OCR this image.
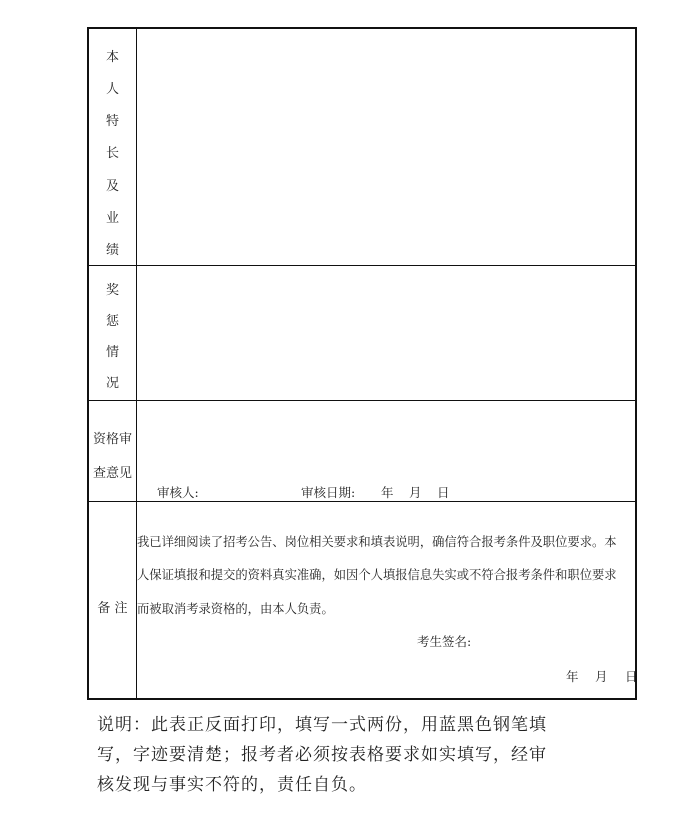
本
人
特
长
及
业
绩
奖
惩
情
况
资格审
查意见
审核人:	审核日期: 年 月 日
备 注
我已详细阅读了招考公告、岗位相关要求和填表说明，确信符合报考条件及职位要求。本
人保证填报和提交的资料真实准确，如因个人填报信息失实或不符合报考条件和职位要求
而被取消考录资格的，由本人负责。
考生签名:
年 月 日
说明：此表正反面打印，填写一式两份，用蓝黑色钢笔填
写，字迹要清楚；报考者必须按表格要求如实填写，经审
核发现与事实不符的，责任自负。
